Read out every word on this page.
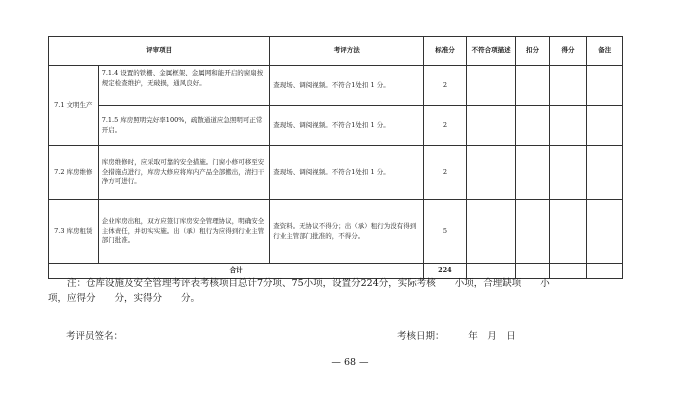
评审项目		考评方法	标准分	不符合项描述	扣分	得分	备注
7.1 文明生产	7.1.4 设置的铁栅、金属框架、金属网和能开启的窗扇按规定检查维护，无破损，通风良好。	查现场、调阅视频。不符合1处扣 1 分。	2				
	7.1.5 库房照明完好率100%，疏散通道应急照明可正常开启。	查现场、调阅视频。不符合1处扣 1 分。	2				
7.2 库房维修	库房维修时，应采取可靠的安全措施。门窗小修可移至安全措施点进行，库房大修应将库内产品全部搬出，清扫干净方可进行。	查现场、调阅视频。不符合1处扣 1 分。	2				
7.3 库房租赁	企业库房出租，双方应签订库房安全管理协议，明确安全主体责任，并切实实施。出（承）租行为应得到行业主管部门批准。	查资料。无协议不得分；出（承）租行为没有得到行业主管部门批准的，不得分。	5				
合计			224				
注：仓库设施及安全管理考评表考核项目总计7分项、75小项，设置分224分，实际考核　　小项，合理缺项　　小
项，应得分　　分，实得分　　分。
考评员签名：	考核日期：　　　年　月　日
— 68 —
